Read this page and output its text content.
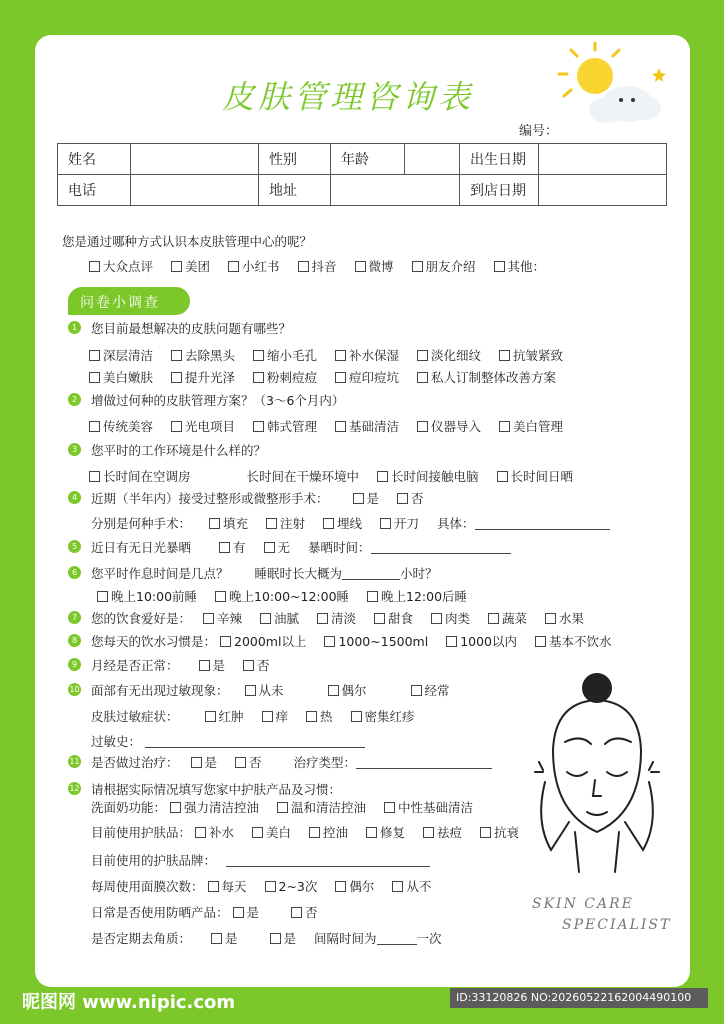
皮肤管理咨询表
编号：
姓名		性别	年龄		出生日期	
电话		地址			到店日期	
您是通过哪种方式认识本皮肤管理中心的呢？
大众点评	美团	小红书	抖音	微博	朋友介绍	其他：
问卷小调查
1	您目前最想解决的皮肤问题有哪些？
深层清洁	去除黑头	缩小毛孔	补水保湿	淡化细纹	抗皱紧致
美白嫩肤	提升光泽	粉刺痘痘	痘印痘坑	私人订制整体改善方案
2	增做过何种的皮肤管理方案？（3～6个月内）
传统美容	光电项目	韩式管理	基础清洁	仪器导入	美白管理
3	您平时的工作环境是什么样的？
长时间在空调房	长时间在干燥环境中	长时间接触电脑	长时间日晒
4	近期（半年内）接受过整形或微整形手术：	是	否
分别是何种手术：	填充	注射	埋线	开刀 具体：
5	近日有无日光暴晒	有	无 暴晒时间：
6	您平时作息时间是几点？ 睡眠时长大概为	小时？
晚上10:00前睡	晚上10:00~12:00睡	晚上12:00后睡
7	您的饮食爱好是： 辛辣	油腻	清淡	甜食	肉类	蔬菜	水果
8	您每天的饮水习惯是： 2000ml以上	1000~1500ml	1000以内	基本不饮水
9	月经是否正常：	是	否
10 面部有无出现过敏现象： 从未	偶尔	经常
皮肤过敏症状：	红肿	痒	热	密集红疹
过敏史：
11 是否做过治疗： 是	否	治疗类型：
12 请根据实际情况填写您家中护肤产品及习惯：
洗面奶功能： 强力清洁控油	温和清洁控油	中性基础清洁
目前使用护肤品： 补水	美白	控油	修复	祛痘	抗衰
目前使用的护肤品牌：
每周使用面膜次数： 每天	2~3次	偶尔	从不
日常是否使用防晒产品： 是	否
是否定期去角质：	是	是 间隔时间为	一次
SKIN CARE
SPECIALIST
昵图网 www.nipic.com	ID:33120826 NO:20260522162004490100
